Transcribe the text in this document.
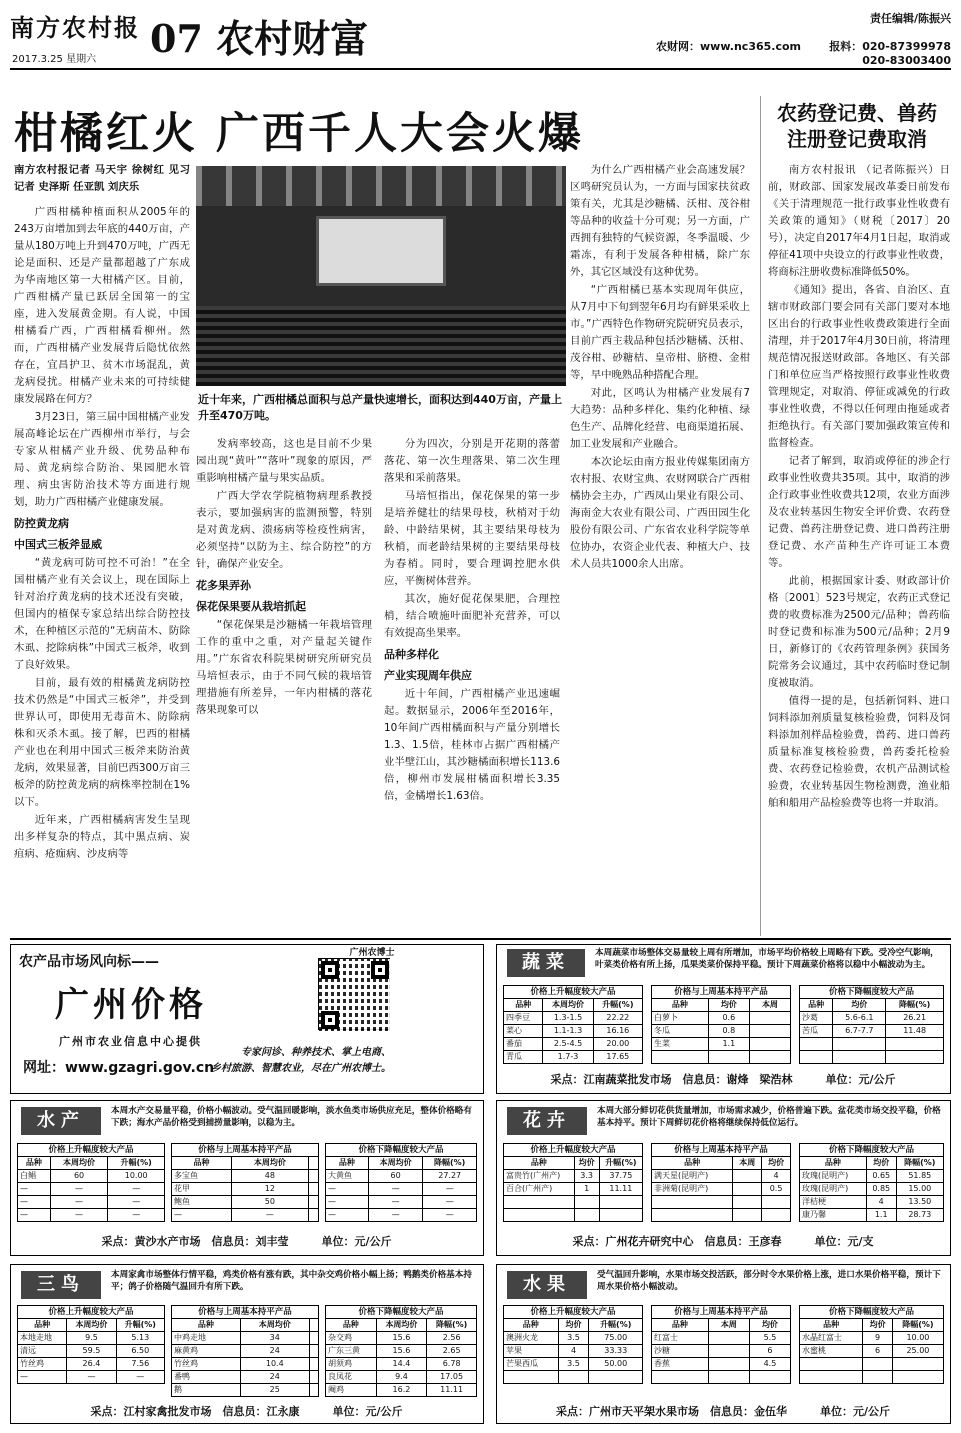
南方农村报
2017.3.25 星期六 07 农村财富	责任编辑/陈振兴
农财网：www.nc365.com	报料：020-87399978
020-83003400
柑橘红火 广西千人大会火爆	农药登记费、兽药
注册登记费取消

南方农村报记者 马天宇 徐树红 见习记者 史泽斯 任亚凯 刘庆乐

广西柑橘种植面积从2005年的243万亩增加到去年底的440万亩，产量从180万吨上升到470万吨，广西无论是面积、还是产量都超越了广东成为华南地区第一大柑橘产区。目前，广西柑橘产量已跃居全国第一的宝座，进入发展黄金期。有人说，中国柑橘看广西，广西柑橘看柳州。然而，广西柑橘产业发展背后隐忧依然存在，宜昌护卫、贫木市场混乱，黄龙病侵扰。柑橘产业未来的可持续健康发展路在何方？

3月23日，第三届中国柑橘产业发展高峰论坛在广西柳州市举行，与会专家从柑橘产业升级、优势品种布局、黄龙病综合防治、果园肥水管理、病虫害防治技术等方面进行规划，助力广西柑橘产业健康发展。

防控黄龙病
中国式三板斧显威

“黄龙病可防可控不可治！”在全国柑橘产业有关会议上，现在国际上针对治疗黄龙病的技术还没有突破，但国内的植保专家总结出综合防控技术，在种植区示范的“无病苗木、防除木虱、挖除病株”中国式三板斧，收到了良好效果。

目前，最有效的柑橘黄龙病防控技术仍然是“中国式三板斧”，并受到世界认可，即使用无毒苗木、防除病株和灭杀木虱。接了解，巴西的柑橘产业也在利用中国式三板斧来防治黄龙病，效果显著，目前巴西300万亩三板斧的防控黄龙病的病株率控制在1%以下。

近年来，广西柑橘病害发生呈现出多样复杂的特点，其中黑点病、炭疽病、疮痂病、沙皮病等

近十年来，广西柑橘总面积与总产量快速增长，面积达到440万亩，产量上升至470万吨。

发病率较高，这也是目前不少果园出现“黄叶”“落叶”现象的原因，严重影响柑橘产量与果实品质。

广西大学农学院植物病理系教授表示，要加强病害的监测预警，特别是对黄龙病、溃疡病等检疫性病害，必须坚持“以防为主、综合防控”的方针，确保产业安全。

花多果弄孙
保花保果要从栽培抓起

“保花保果是沙糖橘一年栽培管理工作的重中之重，对产量起关键作用。”广东省农科院果树研究所研究员马培恒表示，由于不同气候的栽培管理措施有所差异，一年内柑橘的落花落果现象可以

分为四次，分别是开花期的落蕾落花、第一次生理落果、第二次生理落果和采前落果。

马培恒指出，保花保果的第一步是培养健壮的结果母枝，秋梢对于幼龄、中龄结果树，其主要结果母枝为秋梢，而老龄结果树的主要结果母枝为春梢。同时，要合理调控肥水供应，平衡树体营养。

其次，施好促花保果肥，合理控梢，结合喷施叶面肥补充营养，可以有效提高坐果率。

品种多样化
产业实现周年供应

近十年间，广西柑橘产业迅速崛起。数据显示，2006年至2016年，10年间广西柑橘面积与产量分别增长1.3、1.5倍，桂林市占据广西柑橘产业半壁江山，其沙糖橘面积增长113.6倍，柳州市发展柑橘面积增长3.35倍，金橘增长1.63倍。

为什么广西柑橘产业会高速发展？区鸣研究员认为，一方面与国家扶贫政策有关，尤其是沙糖橘、沃柑、茂谷柑等品种的收益十分可观；另一方面，广西拥有独特的气候资源，冬季温暖、少霜冻，有利于发展各种柑橘，除广东外，其它区域没有这种优势。

“广西柑橘已基本实现周年供应，从7月中下旬到翌年6月均有鲜果采收上市。”广西特色作物研究院研究员表示，目前广西主栽品种包括沙糖橘、沃柑、茂谷柑、砂糖桔、皇帝柑、脐橙、金柑等，早中晚熟品种搭配合理。

对此，区鸣认为柑橘产业发展有7大趋势：品种多样化、集约化种植、绿色生产、品牌化经营、电商渠道拓展、加工业发展和产业融合。

本次论坛由南方报业传媒集团南方农村报、农财宝典、农财网联合广西柑橘协会主办，广西凤山果业有限公司、海南金大农业有限公司、广西田园生化股份有限公司、广东省农业科学院等单位协办，农资企业代表、种植大户、技术人员共1000余人出席。

南方农村报讯 （记者陈振兴）日前，财政部、国家发展改革委日前发布《关于清理规范一批行政事业性收费有关政策的通知》（财税〔2017〕20号），决定自2017年4月1日起，取消或停征41项中央设立的行政事业性收费，将商标注册收费标准降低50%。

《通知》提出，各省、自治区、直辖市财政部门要会同有关部门要对本地区出台的行政事业性收费政策进行全面清理，并于2017年4月30日前，将清理规范情况报送财政部。各地区、有关部门和单位应当严格按照行政事业性收费管理规定，对取消、停征或减免的行政事业性收费，不得以任何理由拖延或者拒绝执行。有关部门要加强政策宣传和监督检查。

记者了解到，取消或停征的涉企行政事业性收费共35项。其中，取消的涉企行政事业性收费共12项，农业方面涉及农业转基因生物安全评价费、农药登记费、兽药注册登记费、进口兽药注册登记费、水产苗种生产许可证工本费等。

此前，根据国家计委、财政部计价格〔2001〕523号规定，农药正式登记费的收费标准为2500元/品种；兽药临时登记费和标准为500元/品种；2月9日，新修订的《农药管理条例》获国务院常务会议通过，其中农药临时登记制度被取消。

值得一提的是，包括新饲料、进口饲料添加剂质量复核检验费，饲料及饲料添加剂样品检验费，兽药、进口兽药质量标准复核检验费，兽药委托检验费、农药登记检验费，农机产品测试检验费，农业转基因生物检测费，渔业船舶和船用产品检验费等也将一并取消。

农产品市场风向标——
广州价格
广州市农业信息中心提供
网址：www.gzagri.gov.cn
广州农博士
专家问诊、种养技术、掌上电商、
乡村旅游、智慧农业，尽在广州农博士。
蔬菜	本周蔬菜市场整体交易量较上周有所增加，市场平均价格较上周略有下跌。受冷空气影响，叶菜类价格有所上扬，瓜果类菜价保持平稳。预计下周蔬菜价格将以稳中小幅波动为主。
价格上升幅度较大产品
品种	本周均价	升幅(%)
四季豆	1.3-1.5	22.22
菜心	1.1-1.3	16.16
番茄	2.5-4.5	20.00
青瓜	1.7-3	17.65
价格与上周基本持平产品
品种	均价	本周
白萝卜	0.6	
冬瓜	0.8	
生菜	1.1	

价格下降幅度较大产品
品种	均价	降幅(%)
沙葛	5.6-6.1	26.21
苦瓜	6.7-7.7	11.48

采点：江南蔬菜批发市场　信息员：谢烽　梁浩林　　　单位：元/公斤
水产	本周水产交易量平稳，价格小幅波动。受气温回暖影响，淡水鱼类市场供应充足，整体价格略有下跌；海水产品价格受到捕捞量影响，以稳为主。
价格上升幅度较大产品
品种	本周均价	升幅(%)
白鲳	60	10.00
—	—	—
—	—	—
—	—	—
价格与上周基本持平产品
品种	本周均价	
多宝鱼	48	
花甲	12	
鲍鱼	50	
—	—	
价格下降幅度较大产品
品种	本周均价	降幅(%)
大黄鱼	60	27.27
—	—	—
—	—	—
—	—	—
采点：黄沙水产市场　信息员：刘丰莹　　　单位：元/公斤
花卉	本周大部分鲜切花供货量增加，市场需求减少，价格普遍下跌。盆花类市场交投平稳，价格基本持平。预计下周鲜切花价格将继续保持低位运行。
价格上升幅度较大产品
品种	均价	升幅(%)
富贵竹(广州产)	3.3	37.75
百合(广州产)	1	11.11

价格与上周基本持平产品
品种	本周	均价
满天星(昆明产)		4
非洲菊(昆明产)		0.5

价格下降幅度较大产品
品种	均价	降幅(%)
玫瑰(昆明产)	0.65	51.85
玫瑰(昆明产)	0.85	15.00
洋桔梗	4	13.50
康乃馨	1.1	28.73
采点：广州花卉研究中心　信息员：王彦春　　　单位：元/支
三鸟	本周家禽市场整体行情平稳，鸡类价格有涨有跌，其中杂交鸡价格小幅上扬；鸭鹅类价格基本持平；鸽子价格随气温回升有所下跌。
价格上升幅度较大产品
品种	本周均价	升幅(%)
本地走地	9.5	5.13
清远	59.5	6.50
竹丝鸡	26.4	7.56
—	—	—
价格与上周基本持平产品
品种	本周均价	
中鸡走地	34	
麻黄鸡	24	
竹丝鸡	10.4	
番鸭	24	
鹅	25	
价格下降幅度较大产品
品种	本周均价	降幅(%)
杂交鸡	15.6	2.56
广东三黄	15.6	2.65
胡须鸡	14.4	6.78
良凤花	9.4	17.05
阉鸡	16.2	11.11
采点：江村家禽批发市场　信息员：江永康　　　单位：元/公斤
水果	受气温回升影响，水果市场交投活跃，部分时令水果价格上涨，进口水果价格平稳，预计下周水果价格小幅波动。
价格上升幅度较大产品
品种	均价	升幅(%)
澳洲火龙	3.5	75.00
苹果	4	33.33
芒果西瓜	3.5	50.00

价格与上周基本持平产品
品种	本周	均价
红富士		5.5
沙糖		6
香蕉		4.5

价格下降幅度较大产品
品种	均价	降幅(%)
水晶红富士	9	10.00
水蜜桃	6	25.00

采点：广州市天平架水果市场　信息员：金伍华　　　单位：元/公斤
